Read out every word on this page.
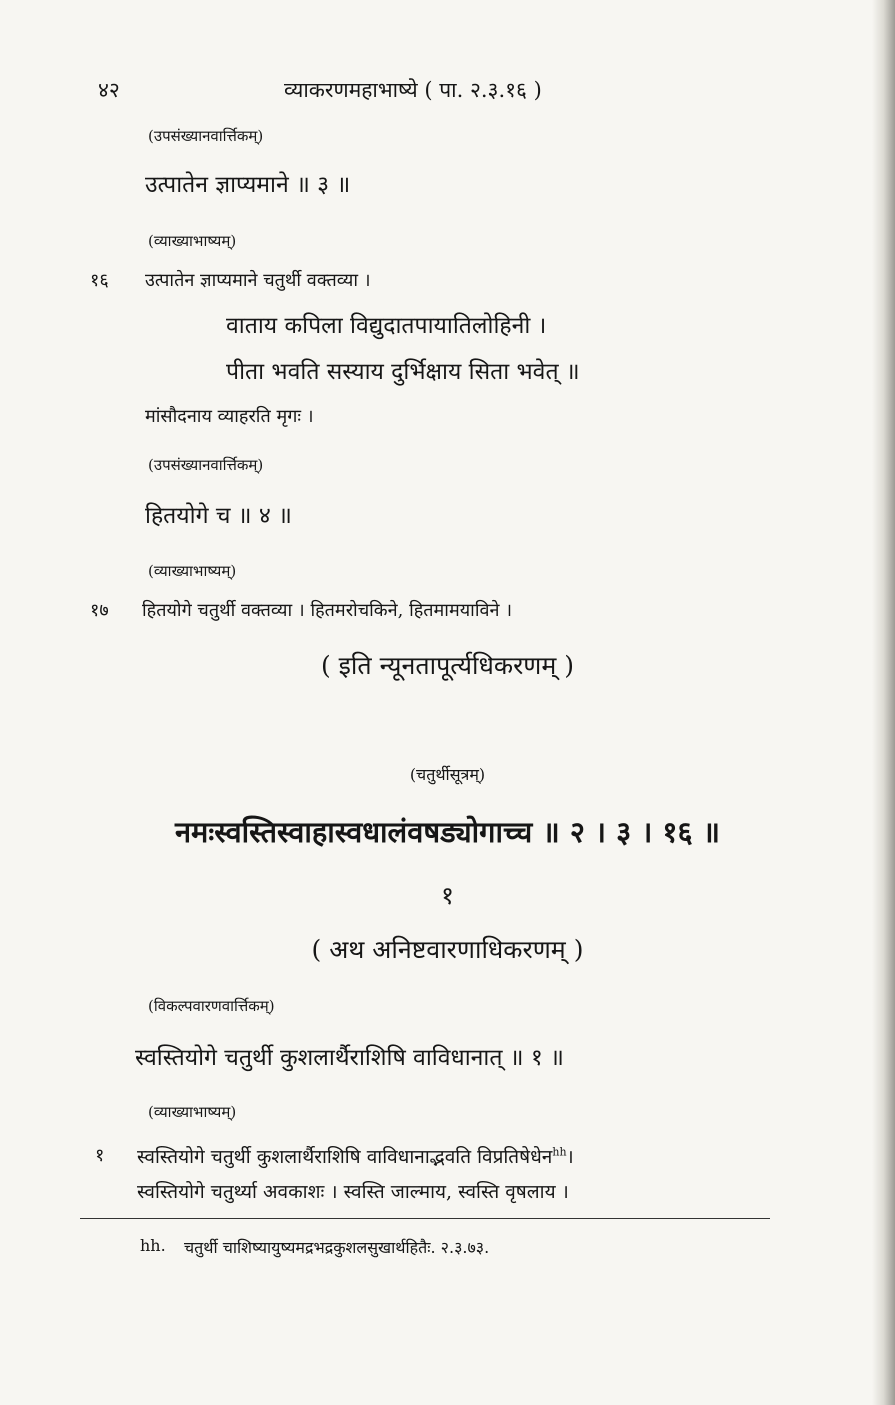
४२	व्याकरणमहाभाष्ये ( पा. २.३.१६ )
(उपसंख्यानवार्त्तिकम्)
उत्पातेन ज्ञाप्यमाने ॥ ३ ॥
(व्याख्याभाष्यम्)
१६ उत्पातेन ज्ञाप्यमाने चतुर्थी वक्तव्या ।
वाताय कपिला विद्युदातपायातिलोहिनी ।
पीता भवति सस्याय दुर्भिक्षाय सिता भवेत् ॥
मांसौदनाय व्याहरति मृगः ।
(उपसंख्यानवार्त्तिकम्)
हितयोगे च ॥ ४ ॥
(व्याख्याभाष्यम्)
१७ हितयोगे चतुर्थी वक्तव्या । हितमरोचकिने, हितमामयाविने ।
( इति न्यूनतापूर्त्यधिकरणम् )
(चतुर्थीसूत्रम्)
नमःस्वस्तिस्वाहास्वधालंवषड्योगाच्च ॥ २ । ३ । १६ ॥
१
( अथ अनिष्टवारणाधिकरणम् )
(विकल्पवारणवार्त्तिकम्)
स्वस्तियोगे चतुर्थी कुशलार्थैराशिषि वाविधानात् ॥ १ ॥
(व्याख्याभाष्यम्)
१ स्वस्तियोगे चतुर्थी कुशलार्थैराशिषि वाविधानाद्भवति विप्रतिषेधेन$^{hh}$।
स्वस्तियोगे चतुर्थ्या अवकाशः । स्वस्ति जाल्माय, स्वस्ति वृषलाय ।
hh. चतुर्थी चाशिष्यायुष्यमद्रभद्रकुशलसुखार्थहितैः. २.३.७३.
